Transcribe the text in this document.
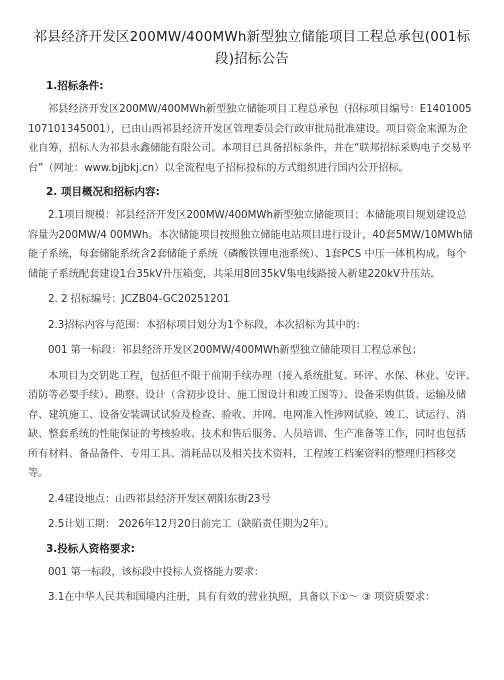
祁县经济开发区200MW/400MWh新型独立储能项目工程总承包(001标段)招标公告
1.招标条件:

祁县经济开发区200MW/400MWh新型独立储能项目工程总承包（招标项目编号：E1401005107101345001），已由山西祁县经济开发区管理委员会行政审批局批准建设。项目资金来源为企业自筹，招标人为祁县永鑫储能有限公司。本项目已具备招标条件，并在“联邦招标采购电子交易平台”（网址：www.bjjbkj.cn）以全流程电子招标投标的方式组织进行国内公开招标。

2. 项目概况和招标内容:

2.1项目规模：祁县经济开发区200MW/400MWh新型独立储能项目；本储能项目规划建设总容量为200MW/4 00MWh。本次储能项目按照独立储能电站项目进行设计，40套5MW/10MWh储能子系统，每套储能系统含2套储能子系统（磷酸铁锂电池系统）、1套PCS 中压一体机构成。每个储能子系统配套建设1台35kV升压箱变，共采用8回35kV集电线路接入新建220kV升压站。

2. 2 招标编号：JCZB04-GC20251201

2.3招标内容与范围：本招标项目划分为1个标段，本次招标为其中的：

001 第一标段：祁县经济开发区200MW/400MWh新型独立储能项目工程总承包；

本项目为交钥匙工程，包括但不限于前期手续办理（接入系统批复、环评、水保、林业、安评、消防等必要手续）、勘察、设计（含初步设计、施工图设计和竣工图等）、设备采购供货、运输及储存、建筑施工、设备安装调试试验及检查、验收、并网、电网准入性涉网试验、竣工、试运行、消缺、整套系统的性能保证的考核验收、技术和售后服务、人员培训、生产准备等工作，同时也包括所有材料、备品备件、专用工具、消耗品以及相关技术资料，工程竣工档案资料的整理归档移交等。

2.4建设地点：山西祁县经济开发区朝阳东街23号

2.5计划工期： 2026年12月20日前完工（缺陷责任期为2年）。

3.投标人资格要求:

001 第一标段，该标段中投标人资格能力要求：

3.1在中华人民共和国境内注册，具有有效的营业执照，具备以下①～ ③ 项资质要求：
